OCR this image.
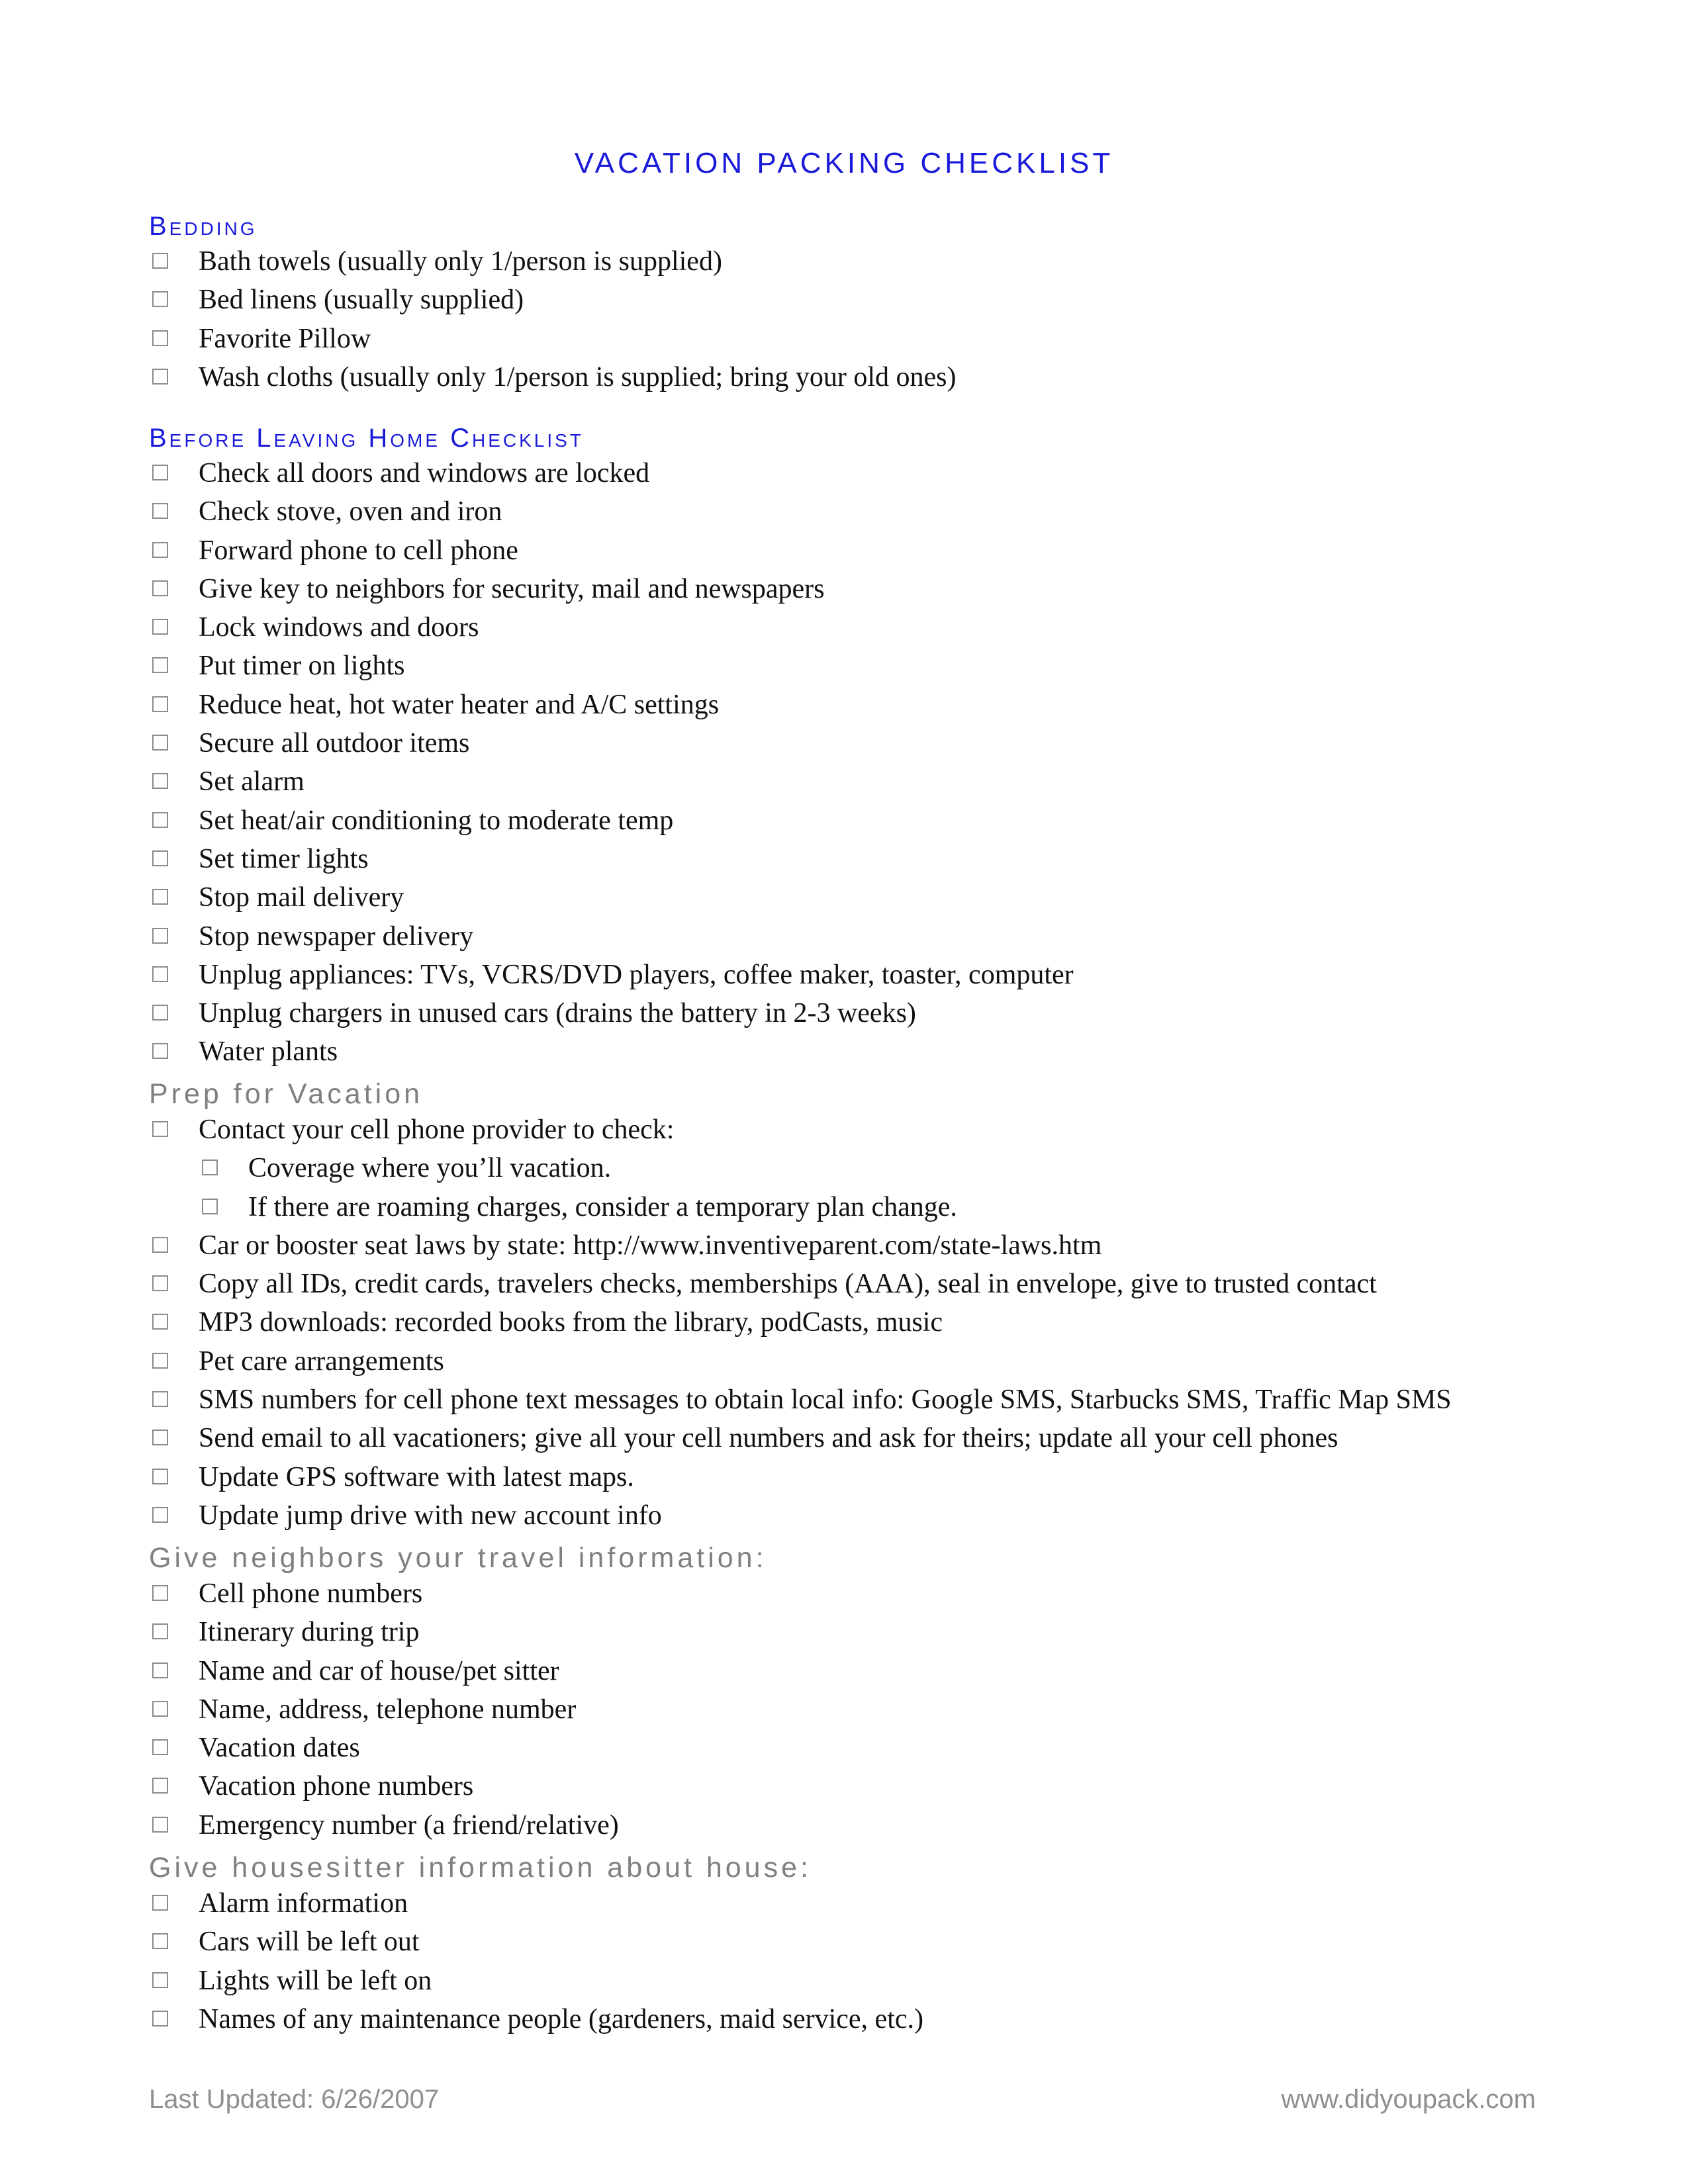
VACATION PACKING CHECKLIST
Bedding
Bath towels (usually only 1/person is supplied)
Bed linens (usually supplied)
Favorite Pillow
Wash cloths (usually only 1/person is supplied; bring your old ones)
Before Leaving Home Checklist
Check all doors and windows are locked
Check stove, oven and iron
Forward phone to cell phone
Give key to neighbors for security, mail and newspapers
Lock windows and doors
Put timer on lights
Reduce heat, hot water heater and A/C settings
Secure all outdoor items
Set alarm
Set heat/air conditioning to moderate temp
Set timer lights
Stop mail delivery
Stop newspaper delivery
Unplug appliances: TVs, VCRS/DVD players, coffee maker, toaster, computer
Unplug chargers in unused cars (drains the battery in 2-3 weeks)
Water plants
Prep for Vacation
Contact your cell phone provider to check:
Coverage where you’ll vacation.
If there are roaming charges, consider a temporary plan change.
Car or booster seat laws by state: http://www.inventiveparent.com/state-laws.htm
Copy all IDs, credit cards, travelers checks, memberships (AAA), seal in envelope, give to trusted contact
MP3 downloads: recorded books from the library, podCasts, music
Pet care arrangements
SMS numbers for cell phone text messages to obtain local info: Google SMS, Starbucks SMS, Traffic Map SMS
Send email to all vacationers; give all your cell numbers and ask for theirs; update all your cell phones
Update GPS software with latest maps.
Update jump drive with new account info
Give neighbors your travel information:
Cell phone numbers
Itinerary during trip
Name and car of house/pet sitter
Name, address, telephone number
Vacation dates
Vacation phone numbers
Emergency number (a friend/relative)
Give housesitter information about house:
Alarm information
Cars will be left out
Lights will be left on
Names of any maintenance people (gardeners, maid service, etc.)
Last Updated: 6/26/2007	www.didyoupack.com
